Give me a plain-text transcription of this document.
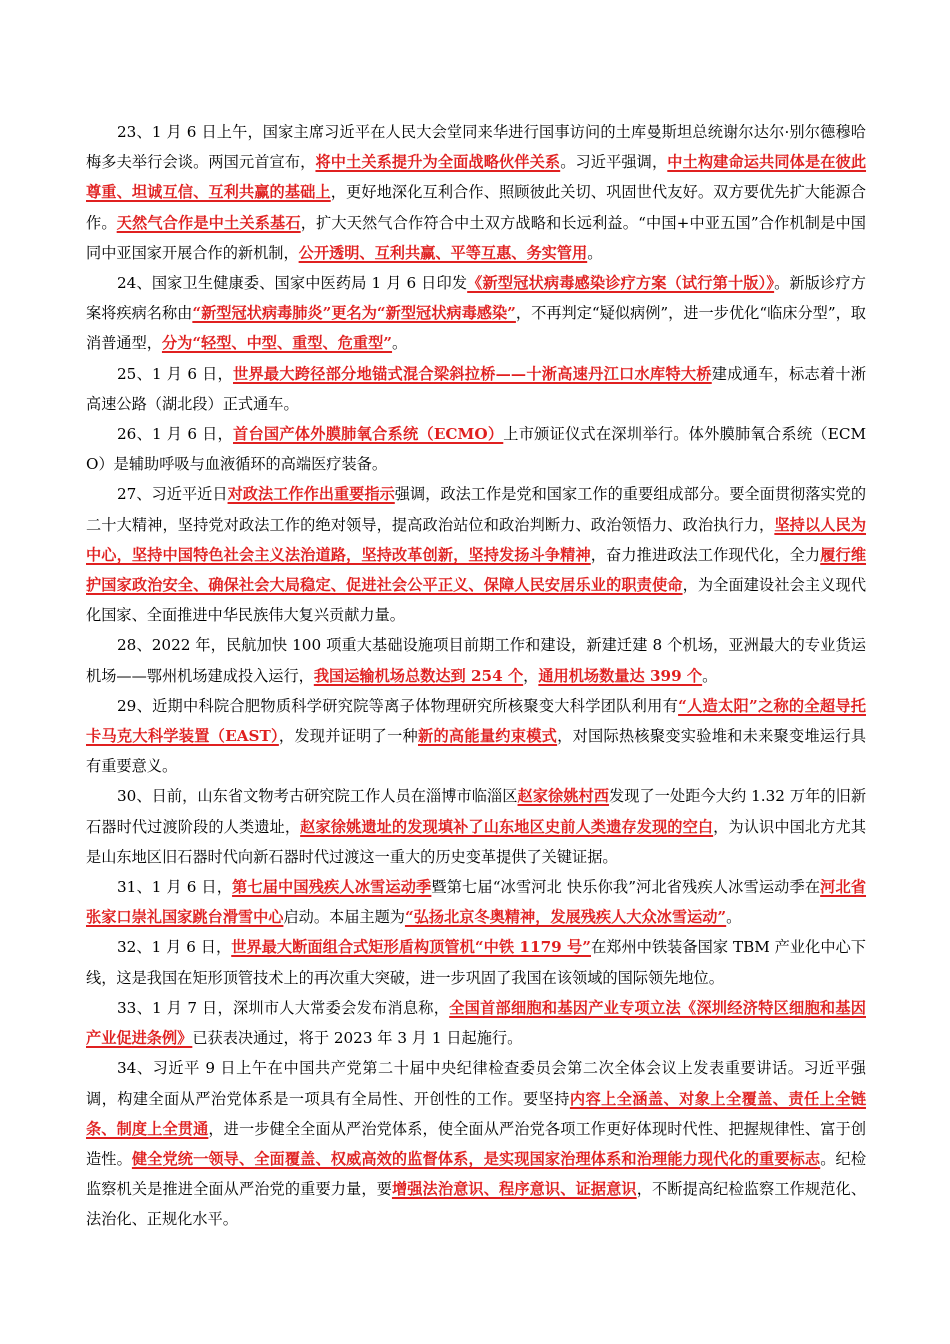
23、1 月 6 日上午，国家主席习近平在人民大会堂同来华进行国事访问的土库曼斯坦总统谢尔达尔·别尔德穆哈梅多夫举行会谈。两国元首宣布，将中土关系提升为全面战略伙伴关系。习近平强调，中土构建命运共同体是在彼此尊重、坦诚互信、互利共赢的基础上，更好地深化互利合作、照顾彼此关切、巩固世代友好。双方要优先扩大能源合作。天然气合作是中土关系基石，扩大天然气合作符合中土双方战略和长远利益。“中国+中亚五国”合作机制是中国同中亚国家开展合作的新机制，公开透明、互利共赢、平等互惠、务实管用。

24、国家卫生健康委、国家中医药局 1 月 6 日印发《新型冠状病毒感染诊疗方案（试行第十版）》。新版诊疗方案将疾病名称由“新型冠状病毒肺炎”更名为“新型冠状病毒感染”，不再判定“疑似病例”，进一步优化“临床分型”，取消普通型，分为“轻型、中型、重型、危重型”。

25、1 月 6 日，世界最大跨径部分地锚式混合梁斜拉桥——十淅高速丹江口水库特大桥建成通车，标志着十淅高速公路（湖北段）正式通车。

26、1 月 6 日，首台国产体外膜肺氧合系统（ECMO）上市颁证仪式在深圳举行。体外膜肺氧合系统（ECMO）是辅助呼吸与血液循环的高端医疗装备。

27、习近平近日对政法工作作出重要指示强调，政法工作是党和国家工作的重要组成部分。要全面贯彻落实党的二十大精神，坚持党对政法工作的绝对领导，提高政治站位和政治判断力、政治领悟力、政治执行力，坚持以人民为中心，坚持中国特色社会主义法治道路，坚持改革创新，坚持发扬斗争精神，奋力推进政法工作现代化，全力履行维护国家政治安全、确保社会大局稳定、促进社会公平正义、保障人民安居乐业的职责使命，为全面建设社会主义现代化国家、全面推进中华民族伟大复兴贡献力量。

28、2022 年，民航加快 100 项重大基础设施项目前期工作和建设，新建迁建 8 个机场，亚洲最大的专业货运机场——鄂州机场建成投入运行，我国运输机场总数达到 254 个，通用机场数量达 399 个。

29、近期中科院合肥物质科学研究院等离子体物理研究所核聚变大科学团队利用有“人造太阳”之称的全超导托卡马克大科学装置（EAST），发现并证明了一种新的高能量约束模式，对国际热核聚变实验堆和未来聚变堆运行具有重要意义。

30、日前，山东省文物考古研究院工作人员在淄博市临淄区赵家徐姚村西发现了一处距今大约 1.32 万年的旧新石器时代过渡阶段的人类遗址，赵家徐姚遗址的发现填补了山东地区史前人类遗存发现的空白，为认识中国北方尤其是山东地区旧石器时代向新石器时代过渡这一重大的历史变革提供了关键证据。

31、1 月 6 日，第七届中国残疾人冰雪运动季暨第七届“冰雪河北 快乐你我”河北省残疾人冰雪运动季在河北省张家口崇礼国家跳台滑雪中心启动。本届主题为“弘扬北京冬奥精神，发展残疾人大众冰雪运动”。

32、1 月 6 日，世界最大断面组合式矩形盾构顶管机“中铁 1179 号”在郑州中铁装备国家 TBM 产业化中心下线，这是我国在矩形顶管技术上的再次重大突破，进一步巩固了我国在该领域的国际领先地位。

33、1 月 7 日，深圳市人大常委会发布消息称，全国首部细胞和基因产业专项立法《深圳经济特区细胞和基因产业促进条例》已获表决通过，将于 2023 年 3 月 1 日起施行。

34、习近平 9 日上午在中国共产党第二十届中央纪律检查委员会第二次全体会议上发表重要讲话。习近平强调，构建全面从严治党体系是一项具有全局性、开创性的工作。要坚持内容上全涵盖、对象上全覆盖、责任上全链条、制度上全贯通，进一步健全全面从严治党体系，使全面从严治党各项工作更好体现时代性、把握规律性、富于创造性。健全党统一领导、全面覆盖、权威高效的监督体系，是实现国家治理体系和治理能力现代化的重要标志。纪检监察机关是推进全面从严治党的重要力量，要增强法治意识、程序意识、证据意识，不断提高纪检监察工作规范化、法治化、正规化水平。
